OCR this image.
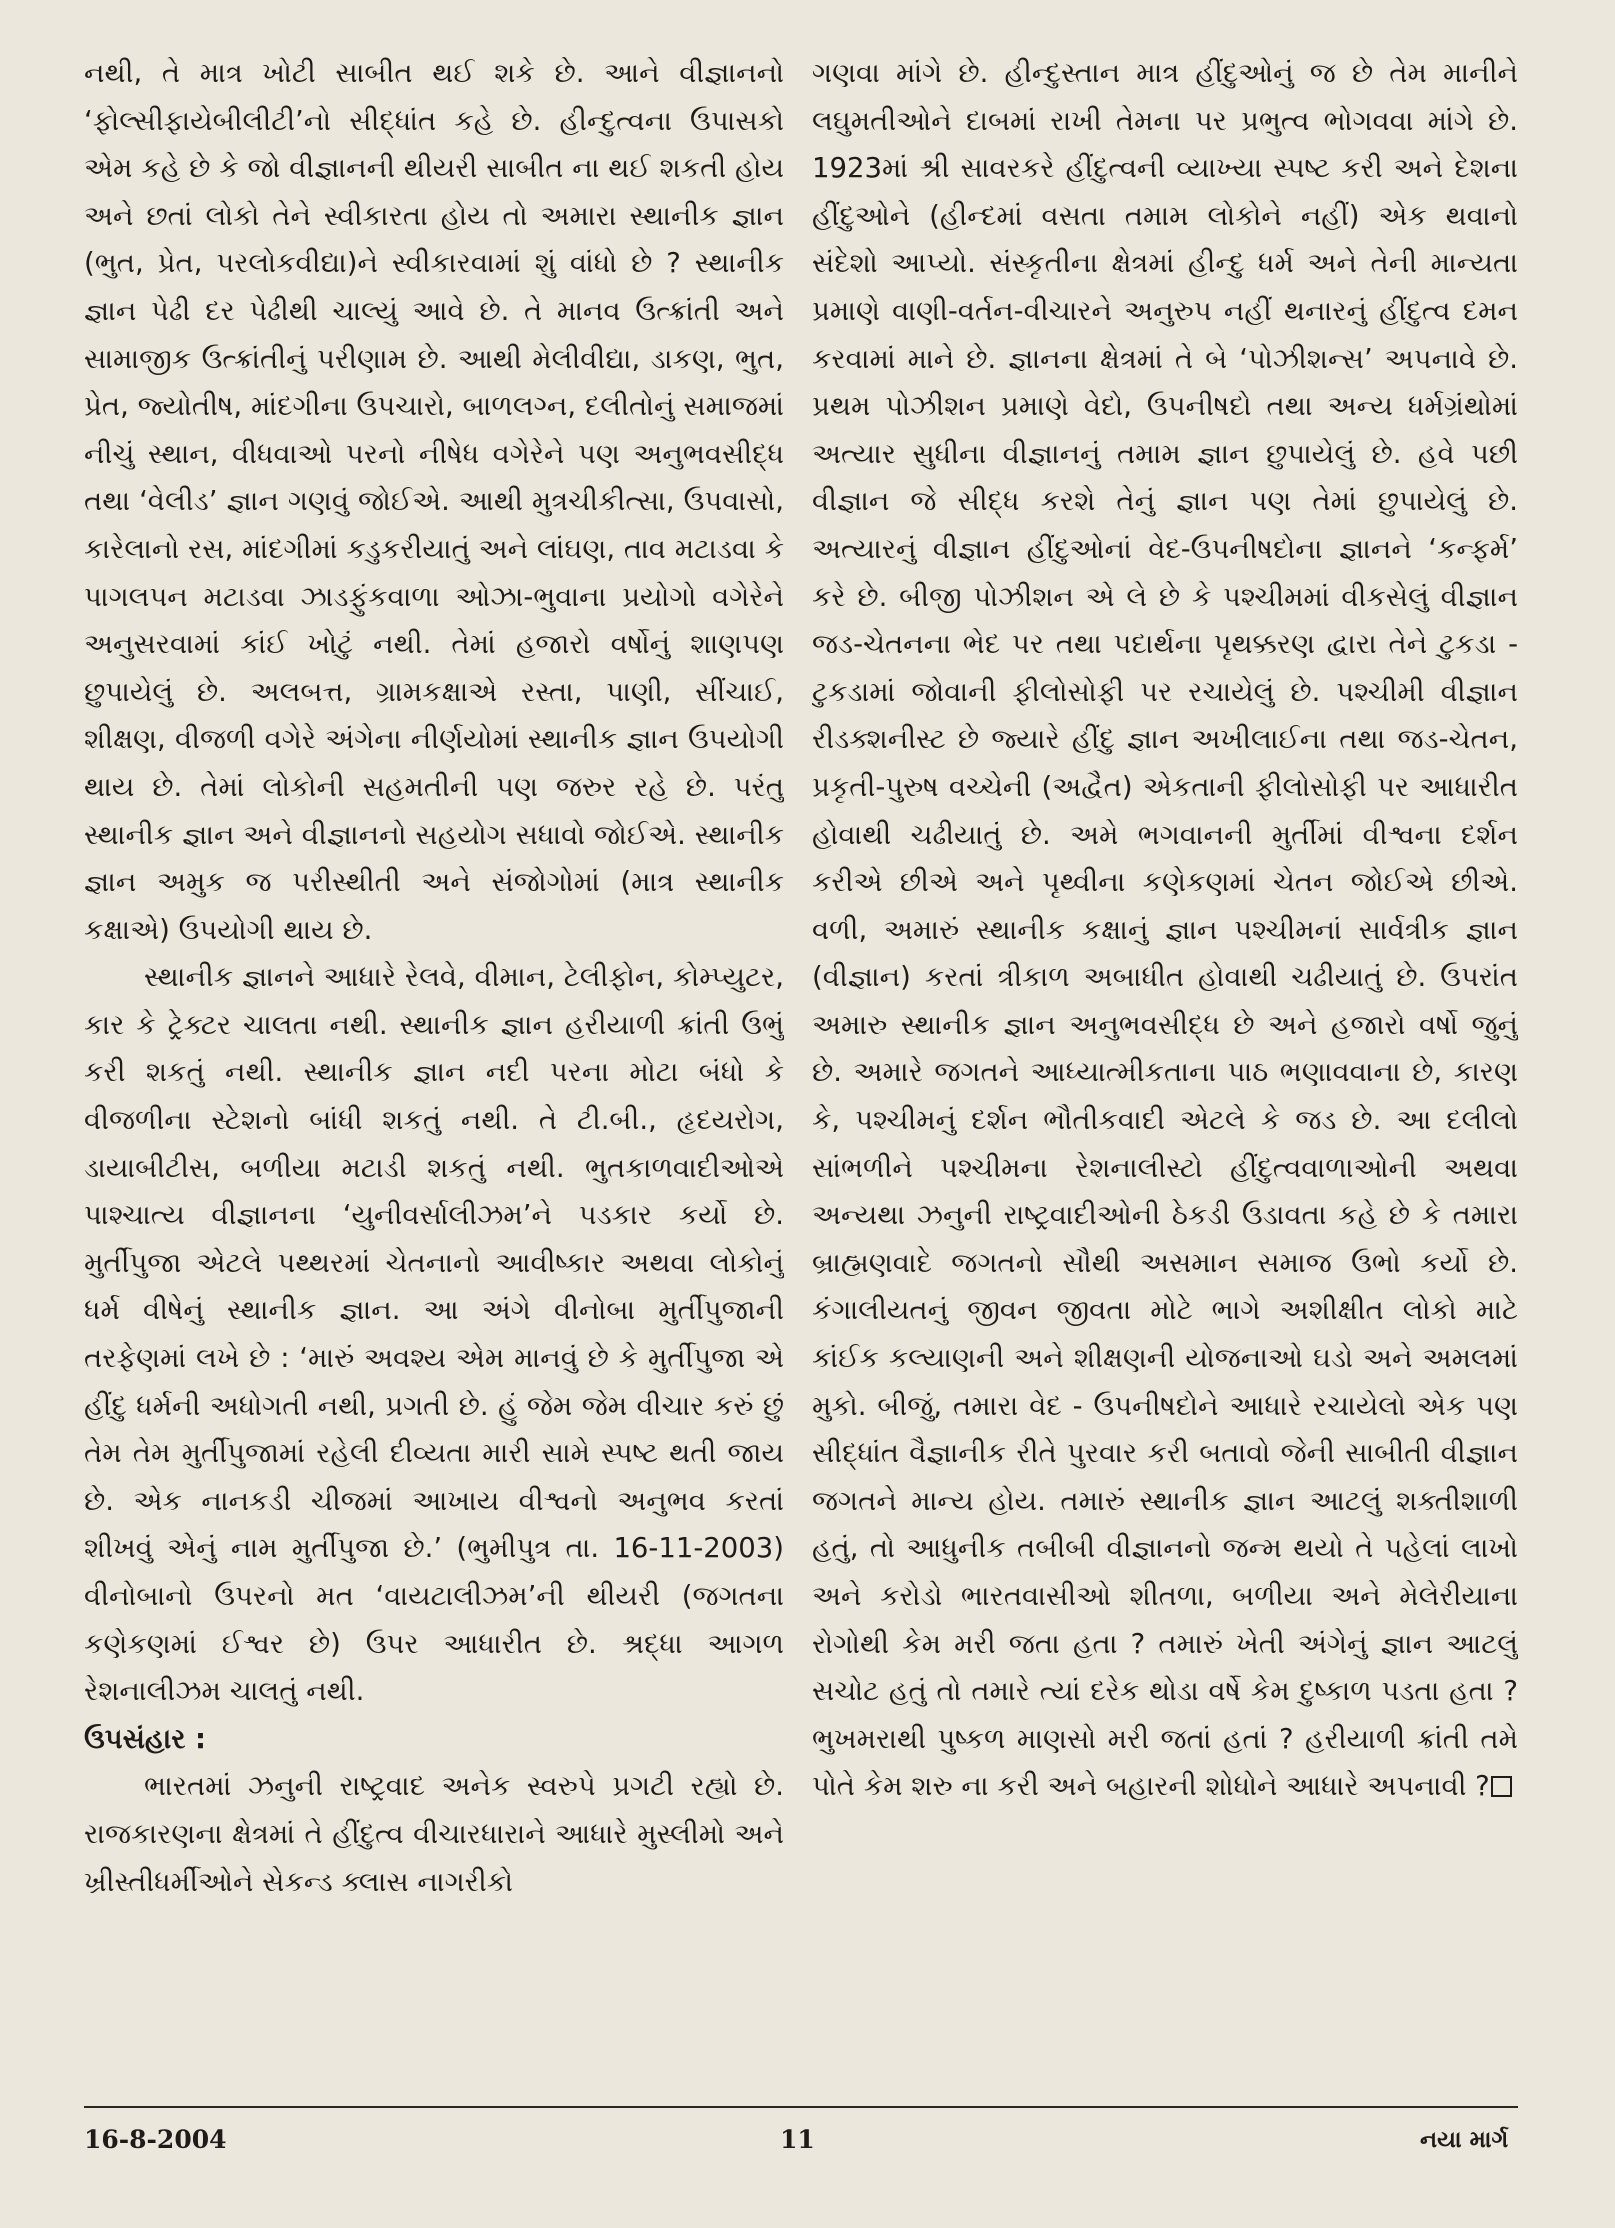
નથી, તે માત્ર ખોટી સાબીત થઈ શકે છે. આને વીજ્ઞાનનો ‘ફોલ્સીફાયેબીલીટી’નો સીદ્ધાંત કહે છે. હીન્દુત્વના ઉપાસકો એમ કહે છે કે જો વીજ્ઞાનની થીયરી સાબીત ના થઈ શકતી હોય અને છતાં લોકો તેને સ્વીકારતા હોય તો અમારા સ્થાનીક જ્ઞાન (ભુત, પ્રેત, પરલોકવીદ્યા)ને સ્વીકારવામાં શું વાંધો છે ? સ્થાનીક જ્ઞાન પેઢી દર પેઢીથી ચાલ્યું આવે છે. તે માનવ ઉત્ક્રાંતી અને સામાજીક ઉત્ક્રાંતીનું પરીણામ છે. આથી મેલીવીદ્યા, ડાકણ, ભુત, પ્રેત, જ્યોતીષ, માંદગીના ઉપચારો, બાળલગ્ન, દલીતોનું સમાજમાં નીચું સ્થાન, વીધવાઓ પરનો નીષેધ વગેરેને પણ અનુભવસીદ્ધ તથા ‘વેલીડ’ જ્ઞાન ગણવું જોઈએ. આથી મુત્રચીકીત્સા, ઉપવાસો, કારેલાનો રસ, માંદગીમાં કડુકરીયાતું અને લાંઘણ, તાવ મટાડવા કે પાગલપન મટાડવા ઝાડફુંકવાળા ઓઝા-ભુવાના પ્રયોગો વગેરેને અનુસરવામાં કાંઈ ખોટું નથી. તેમાં હજારો વર્ષોનું શાણપણ છુપાયેલું છે. અલબત્ત, ગ્રામકક્ષાએ રસ્તા, પાણી, સીંચાઈ, શીક્ષણ, વીજળી વગેરે અંગેના નીર્ણયોમાં સ્થાનીક જ્ઞાન ઉપયોગી થાય છે. તેમાં લોકોની સહમતીની પણ જરુર રહે છે. પરંતુ સ્થાનીક જ્ઞાન અને વીજ્ઞાનનો સહયોગ સધાવો જોઈએ. સ્થાનીક જ્ઞાન અમુક જ પરીસ્થીતી અને સંજોગોમાં (માત્ર સ્થાનીક કક્ષાએ) ઉપયોગી થાય છે.

સ્થાનીક જ્ઞાનને આધારે રેલવે, વીમાન, ટેલીફોન, કોમ્પ્યુટર, કાર કે ટ્રેક્ટર ચાલતા નથી. સ્થાનીક જ્ઞાન હરીયાળી ક્રાંતી ઉભું કરી શકતું નથી. સ્થાનીક જ્ઞાન નદી પરના મોટા બંધો કે વીજળીના સ્ટેશનો બાંધી શકતું નથી. તે ટી.બી., હૃદયરોગ, ડાયાબીટીસ, બળીયા મટાડી શકતું નથી. ભુતકાળવાદીઓએ પાશ્ચાત્ય વીજ્ઞાનના ‘યુનીવર્સાલીઝમ’ને પડકાર કર્યો છે. મુર્તીપુજા એટલે પથ્થરમાં ચેતનાનો આવીષ્કાર અથવા લોકોનું ધર્મ વીષેનું સ્થાનીક જ્ઞાન. આ અંગે વીનોબા મુર્તીપુજાની તરફેણમાં લખે છે : ‘મારું અવશ્ય એમ માનવું છે કે મુર્તીપુજા એ હીંદુ ધર્મની અધોગતી નથી, પ્રગતી છે. હું જેમ જેમ વીચાર કરું છું તેમ તેમ મુર્તીપુજામાં રહેલી દીવ્યતા મારી સામે સ્પષ્ટ થતી જાય છે. એક નાનકડી ચીજમાં આખાય વીશ્વનો અનુભવ કરતાં શીખવું એનું નામ મુર્તીપુજા છે.’ (ભુમીપુત્ર તા. 16-11-2003) વીનોબાનો ઉપરનો મત ‘વાયટાલીઝમ’ની થીયરી (જગતના કણેકણમાં ઈશ્વર છે) ઉપર આધારીત છે. શ્રદ્ધા આગળ રેશનાલીઝમ ચાલતું નથી.

ઉપસંહાર :

ભારતમાં ઝનુની રાષ્ટ્રવાદ અનેક સ્વરુપે પ્રગટી રહ્યો છે. રાજકારણના ક્ષેત્રમાં તે હીંદુત્વ વીચારધારાને આધારે મુસ્લીમો અને ખ્રીસ્તીધર્મીઓને સેકન્ડ ક્લાસ નાગરીકો

ગણવા માંગે છે. હીન્દુસ્તાન માત્ર હીંદુઓનું જ છે તેમ માનીને લઘુમતીઓને દાબમાં રાખી તેમના પર પ્રભુત્વ ભોગવવા માંગે છે. 1923માં શ્રી સાવરકરે હીંદુત્વની વ્યાખ્યા સ્પષ્ટ કરી અને દેશના હીંદુઓને (હીન્દમાં વસતા તમામ લોકોને નહીં) એક થવાનો સંદેશો આપ્યો. સંસ્કૃતીના ક્ષેત્રમાં હીન્દુ ધર્મ અને તેની માન્યતા પ્રમાણે વાણી-વર્તન-વીચારને અનુરુપ નહીં થનારનું હીંદુત્વ દમન કરવામાં માને છે. જ્ઞાનના ક્ષેત્રમાં તે બે ‘પોઝીશન્સ’ અપનાવે છે. પ્રથમ પોઝીશન પ્રમાણે વેદો, ઉપનીષદો તથા અન્ય ધર્મગ્રંથોમાં અત્યાર સુધીના વીજ્ઞાનનું તમામ જ્ઞાન છુપાયેલું છે. હવે પછી વીજ્ઞાન જે સીદ્ધ કરશે તેનું જ્ઞાન પણ તેમાં છુપાયેલું છે. અત્યારનું વીજ્ઞાન હીંદુઓનાં વેદ-ઉપનીષદોના જ્ઞાનને ‘કન્ફર્મ’ કરે છે. બીજી પોઝીશન એ લે છે કે પશ્ચીમમાં વીકસેલું વીજ્ઞાન જડ-ચેતનના ભેદ પર તથા પદાર્થના પૃથક્કરણ દ્વારા તેને ટુકડા - ટુકડામાં જોવાની ફીલોસોફી પર રચાયેલું છે. પશ્ચીમી વીજ્ઞાન રીડક્શનીસ્ટ છે જ્યારે હીંદુ જ્ઞાન અખીલાઈના તથા જડ-ચેતન, પ્રકૃતી-પુરુષ વચ્ચેની (અદ્વૈત) એકતાની ફીલોસોફી પર આધારીત હોવાથી ચઢીયાતું છે. અમે ભગવાનની મુર્તીમાં વીશ્વના દર્શન કરીએ છીએ અને પૃથ્વીના કણેકણમાં ચેતન જોઈએ છીએ. વળી, અમારું સ્થાનીક કક્ષાનું જ્ઞાન પશ્ચીમનાં સાર્વત્રીક જ્ઞાન (વીજ્ઞાન) કરતાં ત્રીકાળ અબાધીત હોવાથી ચઢીયાતું છે. ઉપરાંત અમારુ સ્થાનીક જ્ઞાન અનુભવસીદ્ધ છે અને હજારો વર્ષો જુનું છે. અમારે જગતને આધ્યાત્મીકતાના પાઠ ભણાવવાના છે, કારણ કે, પશ્ચીમનું દર્શન ભૌતીકવાદી એટલે કે જડ છે. આ દલીલો સાંભળીને પશ્ચીમના રેશનાલીસ્ટો હીંદુત્વવાળાઓની અથવા અન્યથા ઝનુની રાષ્ટ્રવાદીઓની ઠેકડી ઉડાવતા કહે છે કે તમારા બ્રાહ્મણવાદે જગતનો સૌથી અસમાન સમાજ ઉભો કર્યો છે. કંગાલીયતનું જીવન જીવતા મોટે ભાગે અશીક્ષીત લોકો માટે કાંઈક કલ્યાણની અને શીક્ષણની યોજનાઓ ઘડો અને અમલમાં મુકો. બીજું, તમારા વેદ - ઉપનીષદોને આધારે રચાયેલો એક પણ સીદ્ધાંત વૈજ્ઞાનીક રીતે પુરવાર કરી બતાવો જેની સાબીતી વીજ્ઞાન જગતને માન્ય હોય. તમારું સ્થાનીક જ્ઞાન આટલું શક્તીશાળી હતું, તો આધુનીક તબીબી વીજ્ઞાનનો જન્મ થયો તે પહેલાં લાખો અને કરોડો ભારતવાસીઓ શીતળા, બળીયા અને મેલેરીયાના રોગોથી કેમ મરી જતા હતા ? તમારું ખેતી અંગેનું જ્ઞાન આટલું સચોટ હતું તો તમારે ત્યાં દરેક થોડા વર્ષે કેમ દુષ્કાળ પડતા હતા ? ભુખમરાથી પુષ્કળ માણસો મરી જતાં હતાં ? હરીયાળી ક્રાંતી તમે પોતે કેમ શરુ ના કરી અને બહારની શોધોને આધારે અપનાવી ?

16-8-2004	11	નયા માર્ગ
